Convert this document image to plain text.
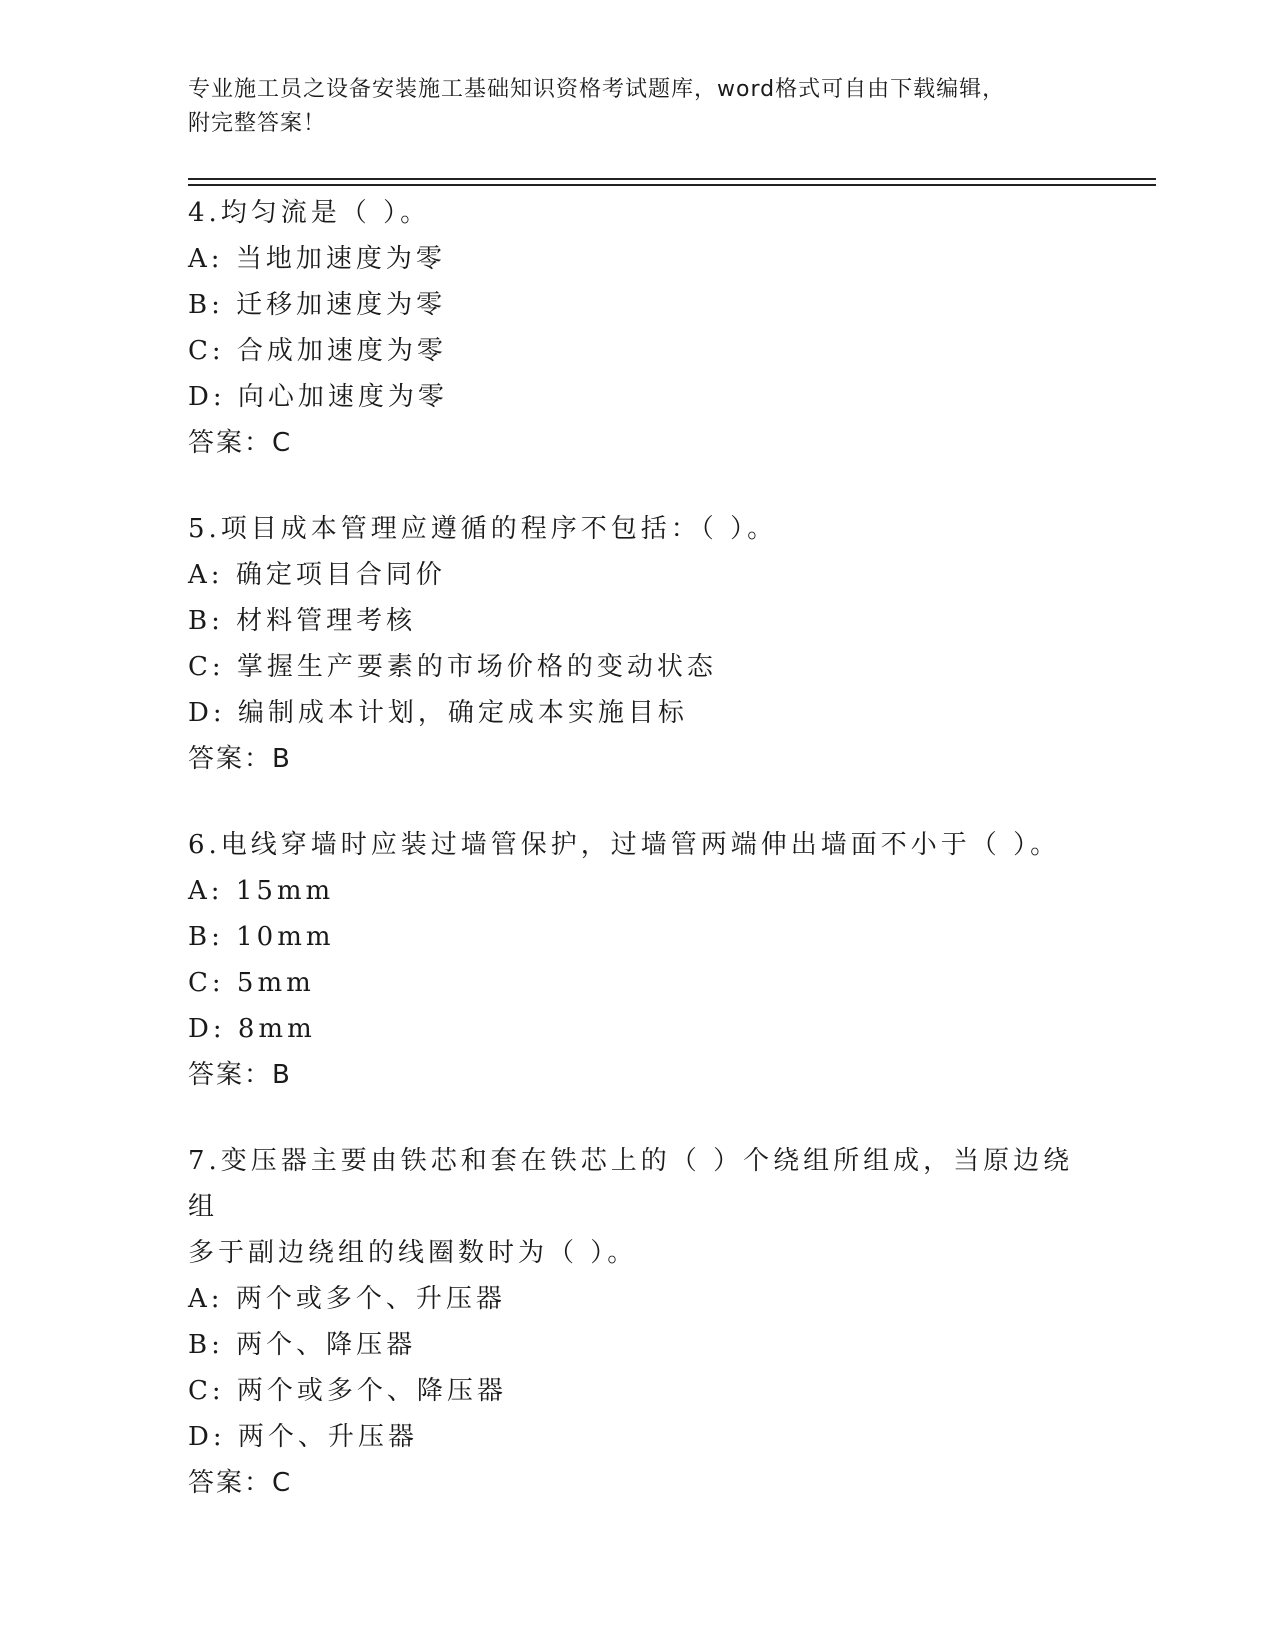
专业施工员之设备安装施工基础知识资格考试题库，word格式可自由下载编辑，
附完整答案！
4.均匀流是（ ）。
A: 当地加速度为零
B: 迁移加速度为零
C: 合成加速度为零
D: 向心加速度为零
答案：C
5.项目成本管理应遵循的程序不包括：（ ）。
A: 确定项目合同价
B: 材料管理考核
C: 掌握生产要素的市场价格的变动状态
D: 编制成本计划，确定成本实施目标
答案：B
6.电线穿墙时应装过墙管保护，过墙管两端伸出墙面不小于（ ）。
A: 15mm
B: 10mm
C: 5mm
D: 8mm
答案：B
7.变压器主要由铁芯和套在铁芯上的（ ）个绕组所组成，当原边绕组
多于副边绕组的线圈数时为（ ）。
A: 两个或多个、升压器
B: 两个、降压器
C: 两个或多个、降压器
D: 两个、升压器
答案：C
